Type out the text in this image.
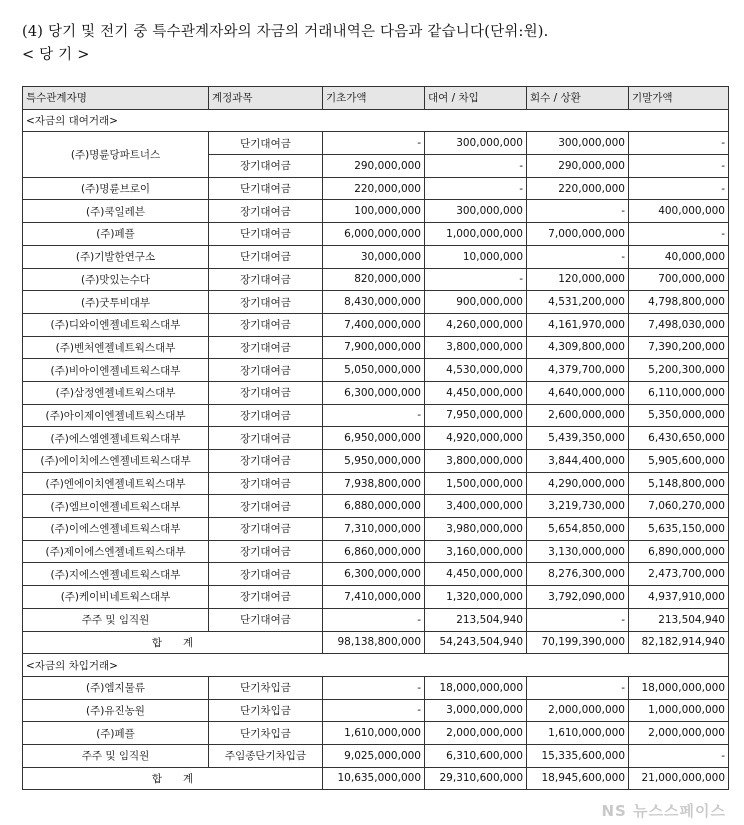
(4) 당기 및 전기 중 특수관계자와의 자금의 거래내역은 다음과 같습니다(단위:원).
< 당 기 >
특수관계자명	계정과목	기초가액	대여 / 차입	회수 / 상환	기말가액
<자금의 대여거래>					
(주)명륜당파트너스	단기대여금	-	300,000,000	300,000,000	-
	장기대여금	290,000,000	-	290,000,000	-
(주)명륜브로이	단기대여금	220,000,000	-	220,000,000	-
(주)쿡일레븐	장기대여금	100,000,000	300,000,000	-	400,000,000
(주)페플	단기대여금	6,000,000,000	1,000,000,000	7,000,000,000	-
(주)기발한연구소	단기대여금	30,000,000	10,000,000	-	40,000,000
(주)맛있는수다	장기대여금	820,000,000	-	120,000,000	700,000,000
(주)굿투비대부	장기대여금	8,430,000,000	900,000,000	4,531,200,000	4,798,800,000
(주)디와이엔젤네트웍스대부	장기대여금	7,400,000,000	4,260,000,000	4,161,970,000	7,498,030,000
(주)벤처엔젤네트웍스대부	장기대여금	7,900,000,000	3,800,000,000	4,309,800,000	7,390,200,000
(주)비아이엔젤네트웍스대부	장기대여금	5,050,000,000	4,530,000,000	4,379,700,000	5,200,300,000
(주)삼정엔젤네트웍스대부	장기대여금	6,300,000,000	4,450,000,000	4,640,000,000	6,110,000,000
(주)아이제이엔젤네트웍스대부	장기대여금	-	7,950,000,000	2,600,000,000	5,350,000,000
(주)에스엠엔젤네트웍스대부	장기대여금	6,950,000,000	4,920,000,000	5,439,350,000	6,430,650,000
(주)에이치에스엔젤네트웍스대부	장기대여금	5,950,000,000	3,800,000,000	3,844,400,000	5,905,600,000
(주)엔에이치엔젤네트웍스대부	장기대여금	7,938,800,000	1,500,000,000	4,290,000,000	5,148,800,000
(주)엠브이엔젤네트웍스대부	장기대여금	6,880,000,000	3,400,000,000	3,219,730,000	7,060,270,000
(주)이에스엔젤네트웍스대부	장기대여금	7,310,000,000	3,980,000,000	5,654,850,000	5,635,150,000
(주)제이에스엔젤네트웍스대부	장기대여금	6,860,000,000	3,160,000,000	3,130,000,000	6,890,000,000
(주)지에스엔젤네트웍스대부	장기대여금	6,300,000,000	4,450,000,000	8,276,300,000	2,473,700,000
(주)케이비네트웍스대부	장기대여금	7,410,000,000	1,320,000,000	3,792,090,000	4,937,910,000
주주 및 임직원	단기대여금	-	213,504,940	-	213,504,940
합　　계		98,138,800,000	54,243,504,940	70,199,390,000	82,182,914,940
<자금의 차입거래>					
(주)엠지물류	단기차입금	-	18,000,000,000	-	18,000,000,000
(주)유진농원	단기차입금	-	3,000,000,000	2,000,000,000	1,000,000,000
(주)페플	단기차입금	1,610,000,000	2,000,000,000	1,610,000,000	2,000,000,000
주주 및 임직원	주임종단기차입금	9,025,000,000	6,310,600,000	15,335,600,000	-
합　　계		10,635,000,000	29,310,600,000	18,945,600,000	21,000,000,000
NS 뉴스스페이스
